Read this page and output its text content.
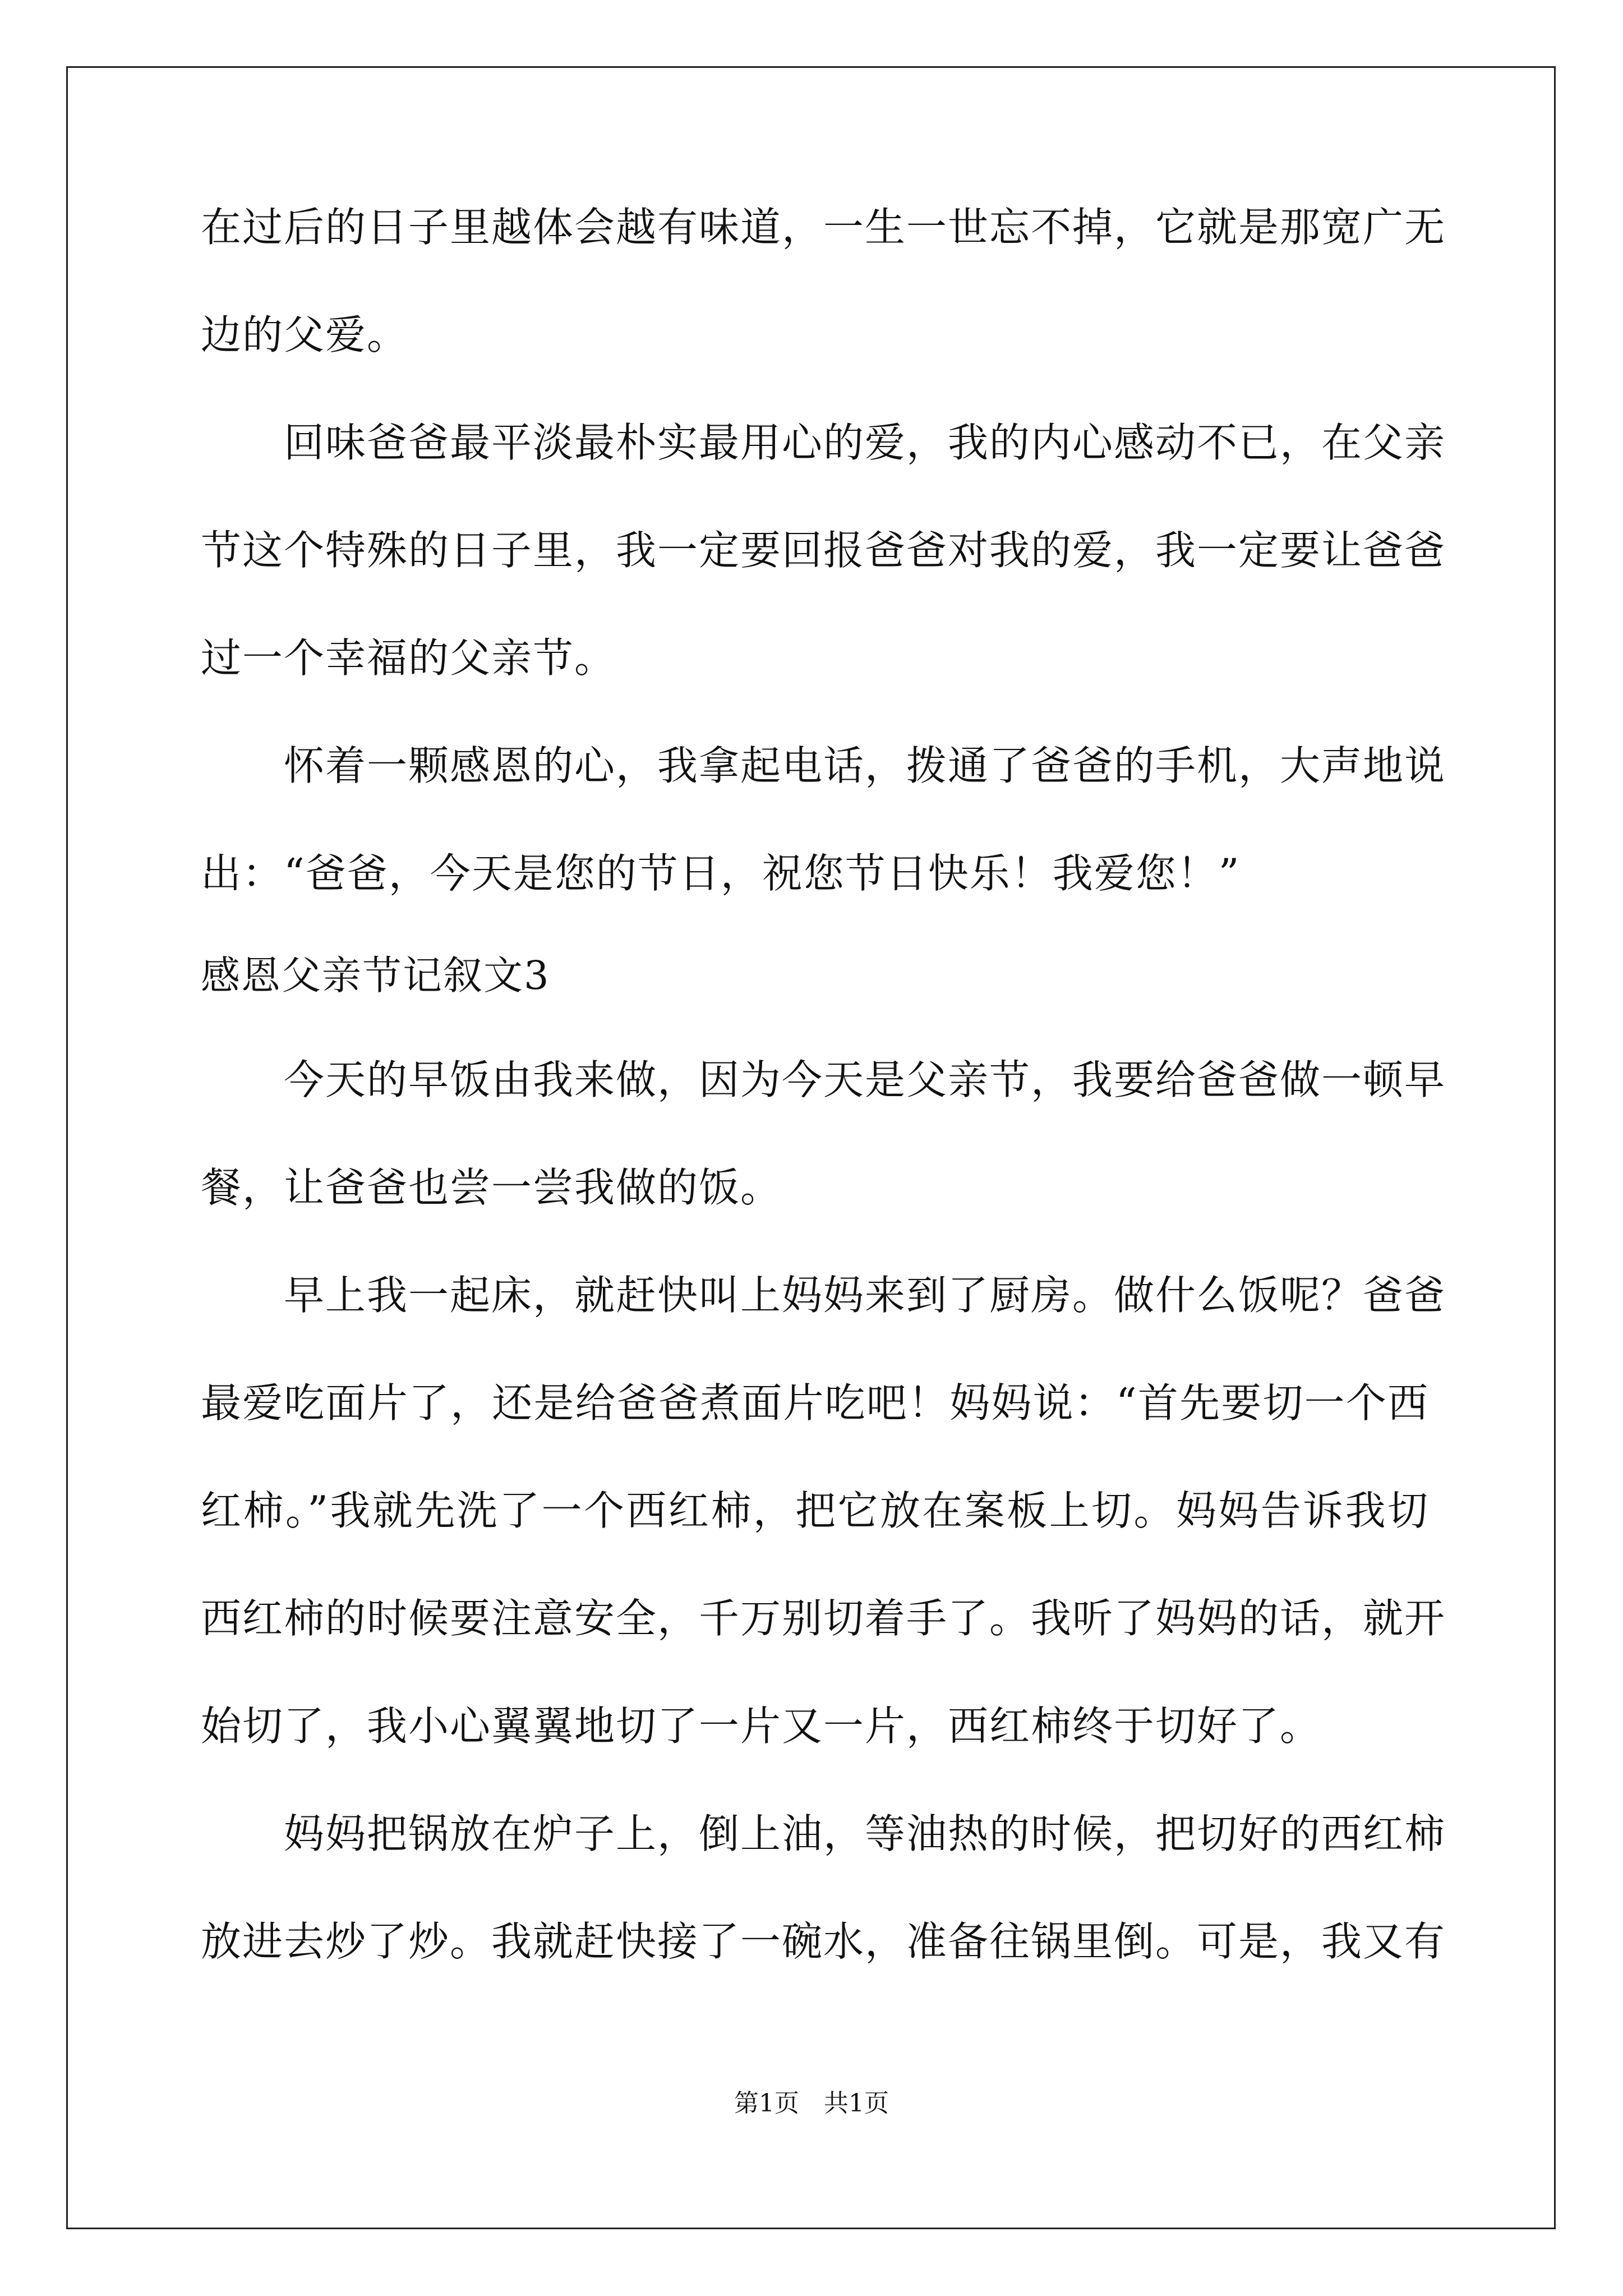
在过后的日子里越体会越有味道，一生一世忘不掉，它就是那宽广无
边的父爱。
回味爸爸最平淡最朴实最用心的爱，我的内心感动不已，在父亲
节这个特殊的日子里，我一定要回报爸爸对我的爱，我一定要让爸爸
过一个幸福的父亲节。
怀着一颗感恩的心，我拿起电话，拨通了爸爸的手机，大声地说
出：“爸爸，今天是您的节日，祝您节日快乐！我爱您！”
感恩父亲节记叙文3
今天的早饭由我来做，因为今天是父亲节，我要给爸爸做一顿早
餐，让爸爸也尝一尝我做的饭。
早上我一起床，就赶快叫上妈妈来到了厨房。做什么饭呢？爸爸
最爱吃面片了，还是给爸爸煮面片吃吧！妈妈说：“首先要切一个西
红柿。”我就先洗了一个西红柿，把它放在案板上切。妈妈告诉我切
西红柿的时候要注意安全，千万别切着手了。我听了妈妈的话，就开
始切了，我小心翼翼地切了一片又一片，西红柿终于切好了。
妈妈把锅放在炉子上，倒上油，等油热的时候，把切好的西红柿
放进去炒了炒。我就赶快接了一碗水，准备往锅里倒。可是，我又有
第1页　共1页
